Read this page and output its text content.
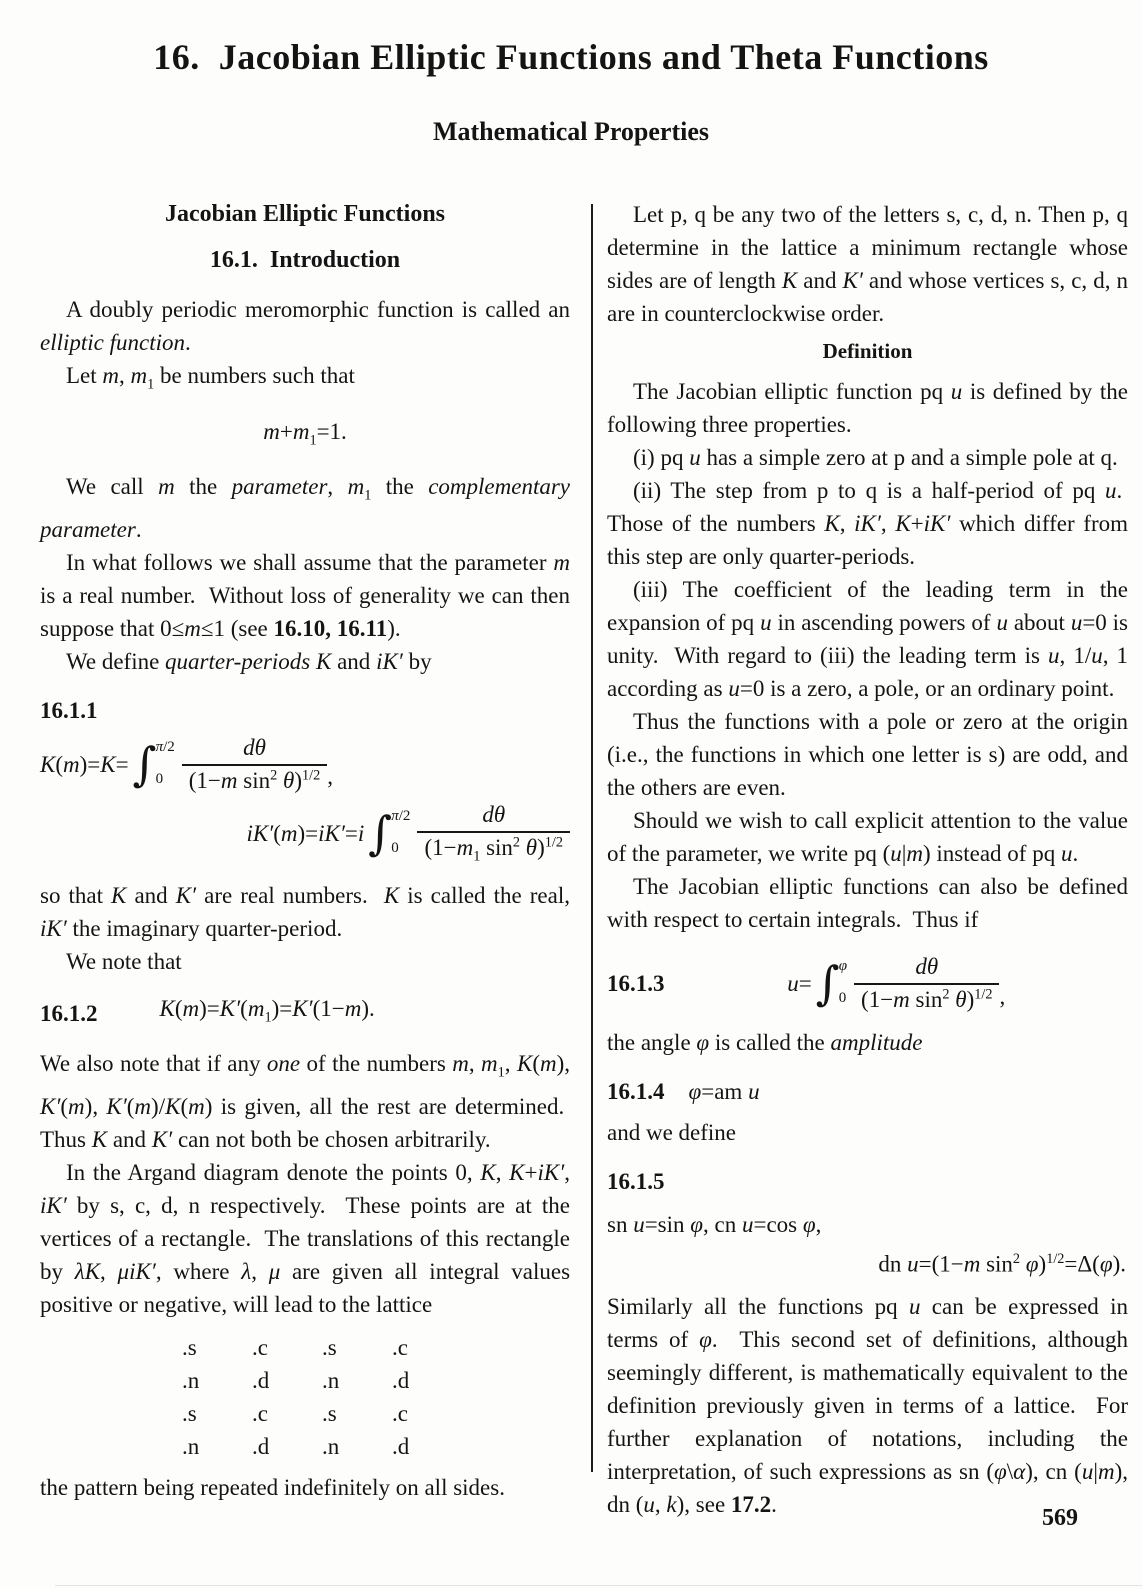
16.  Jacobian Elliptic Functions and Theta Functions
Mathematical Properties
Jacobian Elliptic Functions
16.1.  Introduction

A doubly periodic meromorphic function is called an elliptic function.

Let m, $m_1$ be numbers such that

$m+m_1=1$.

We call m the parameter, $m_1$ the complementary parameter.

In what follows we shall assume that the parameter m is a real number.  Without loss of generality we can then suppose that 0≤m≤1 (see 16.10, 16.11).

We define quarter-periods K and iK′ by

16.1.1
K(m)=K= ∫ π/2
$0 \frac{d\theta}{(1-m \sin^2 \theta)^{1/2}}$ ,
iK′(m)=iK′=i ∫ π/2
$0 \frac{d\theta}{(1-m_1 \sin^2 \theta)^{1/2}}$

so that K and K′ are real numbers.  K is called the real, iK′ the imaginary quarter-period.

We note that

16.1.2	$K(m)=K'(m_1)=K'(1-m)$.

We also note that if any one of the numbers m, $m_1$, K(m), K′(m), K′(m)/K(m) is given, all the rest are determined.  Thus K and K′ can not both be chosen arbitrarily.

In the Argand diagram denote the points 0, K, K+iK′, iK′ by s, c, d, n respectively.  These points are at the vertices of a rectangle.  The translations of this rectangle by λK, μiK′, where λ, μ are given all integral values positive or negative, will lead to the lattice

.s	.c	.s	.c
.n	.d	.n	.d
.s	.c	.s	.c
.n	.d	.n	.d

the pattern being repeated indefinitely on all sides.

Let p, q be any two of the letters s, c, d, n. Then p, q determine in the lattice a minimum rectangle whose sides are of length K and K′ and whose vertices s, c, d, n are in counterclockwise order.

Definition

The Jacobian elliptic function pq u is defined by the following three properties.

(i) pq u has a simple zero at p and a simple pole at q.

(ii) The step from p to q is a half-period of pq u.  Those of the numbers K, iK′, K+iK′ which differ from this step are only quarter-periods.

(iii) The coefficient of the leading term in the expansion of pq u in ascending powers of u about u=0 is unity.  With regard to (iii) the leading term is u, 1/u, 1 according as u=0 is a zero, a pole, or an ordinary point.

Thus the functions with a pole or zero at the origin (i.e., the functions in which one letter is s) are odd, and the others are even.

Should we wish to call explicit attention to the value of the parameter, we write pq (u|m) instead of pq u.

The Jacobian elliptic functions can also be defined with respect to certain integrals.  Thus if

16.1.3	u= ∫ φ
$0 \frac{d\theta}{(1-m \sin^2 \theta)^{1/2}}$ ,

the angle φ is called the amplitude

16.1.4 φ=am u

and we define

16.1.5

sn u=sin φ, cn u=cos φ,

dn u=(1−m $\sin^2 \varphi)^{1/2}=\Delta(\varphi)$.

Similarly all the functions pq u can be expressed in terms of φ.  This second set of definitions, although seemingly different, is mathematically equivalent to the definition previously given in terms of a lattice.  For further explanation of notations, including the interpretation, of such expressions as sn (φ\α), cn (u|m), dn (u, k), see 17.2.

569
